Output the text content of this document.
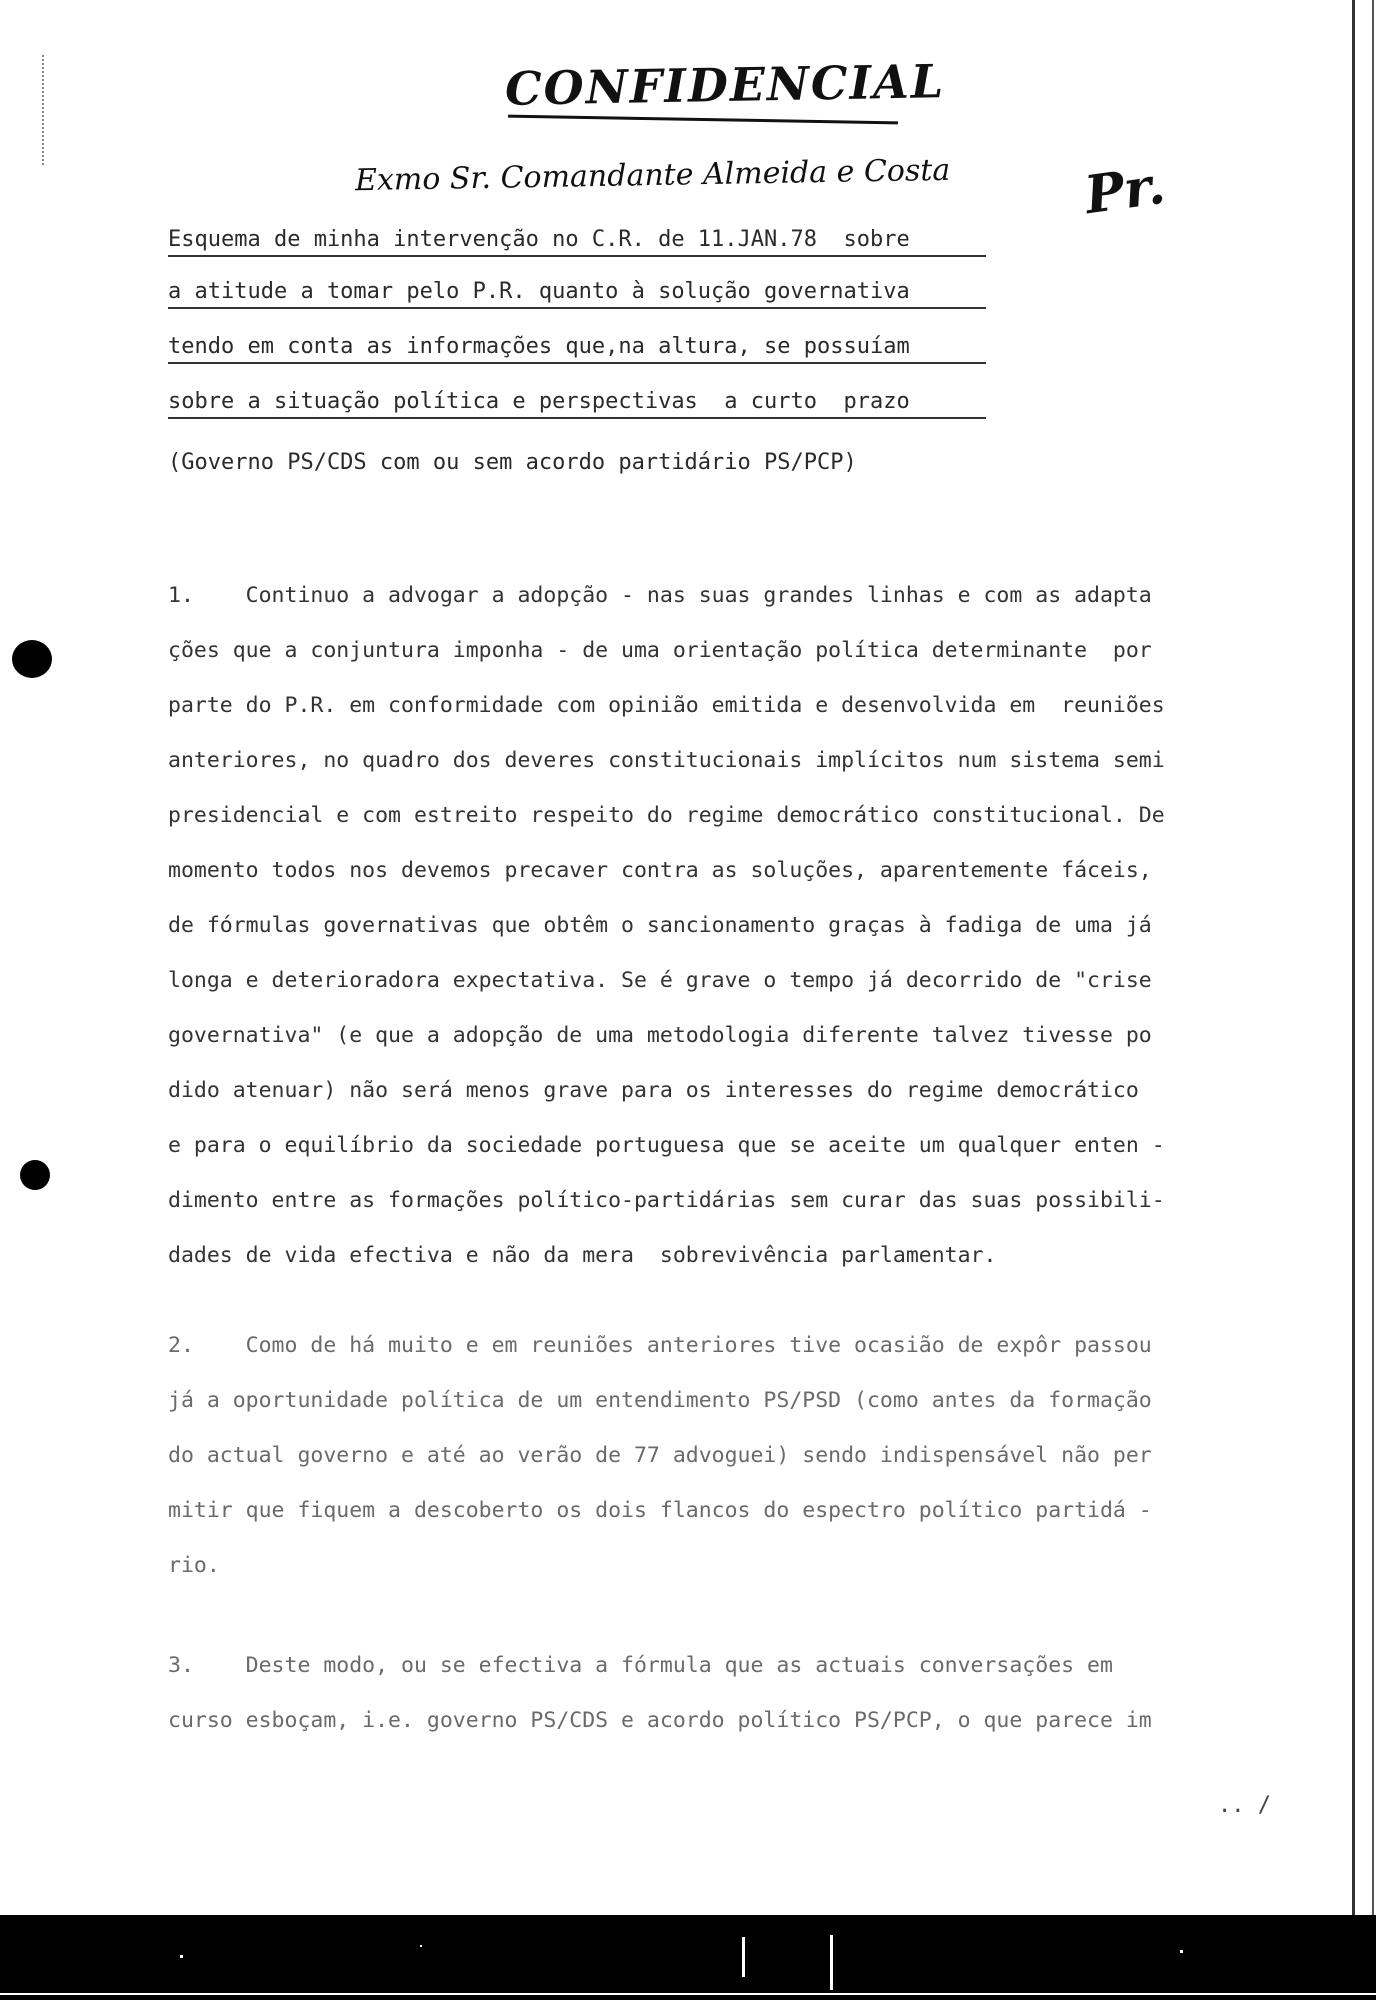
CONFIDENCIAL
Exmo Sr. Comandante Almeida e Costa	Pr.
Esquema de minha intervenção no C.R. de 11.JAN.78  sobre
a atitude a tomar pelo P.R. quanto à solução governativa
tendo em conta as informações que,na altura, se possuíam
sobre a situação política e perspectivas  a curto  prazo
(Governo PS/CDS com ou sem acordo partidário PS/PCP)
1.    Continuo a advogar a adopção - nas suas grandes linhas e com as adapta
ções que a conjuntura imponha - de uma orientação política determinante  por
parte do P.R. em conformidade com opinião emitida e desenvolvida em  reuniões
anteriores, no quadro dos deveres constitucionais implícitos num sistema semi
presidencial e com estreito respeito do regime democrático constitucional. De
momento todos nos devemos precaver contra as soluções, aparentemente fáceis,
de fórmulas governativas que obtêm o sancionamento graças à fadiga de uma já
longa e deterioradora expectativa. Se é grave o tempo já decorrido de "crise
governativa" (e que a adopção de uma metodologia diferente talvez tivesse po
dido atenuar) não será menos grave para os interesses do regime democrático
e para o equilíbrio da sociedade portuguesa que se aceite um qualquer enten -
dimento entre as formações político-partidárias sem curar das suas possibili-
dades de vida efectiva e não da mera  sobrevivência parlamentar.
2.    Como de há muito e em reuniões anteriores tive ocasião de expôr passou
já a oportunidade política de um entendimento PS/PSD (como antes da formação
do actual governo e até ao verão de 77 advoguei) sendo indispensável não per
mitir que fiquem a descoberto os dois flancos do espectro político partidá -
rio.
3.    Deste modo, ou se efectiva a fórmula que as actuais conversações em
curso esboçam, i.e. governo PS/CDS e acordo político PS/PCP, o que parece im
.. /
